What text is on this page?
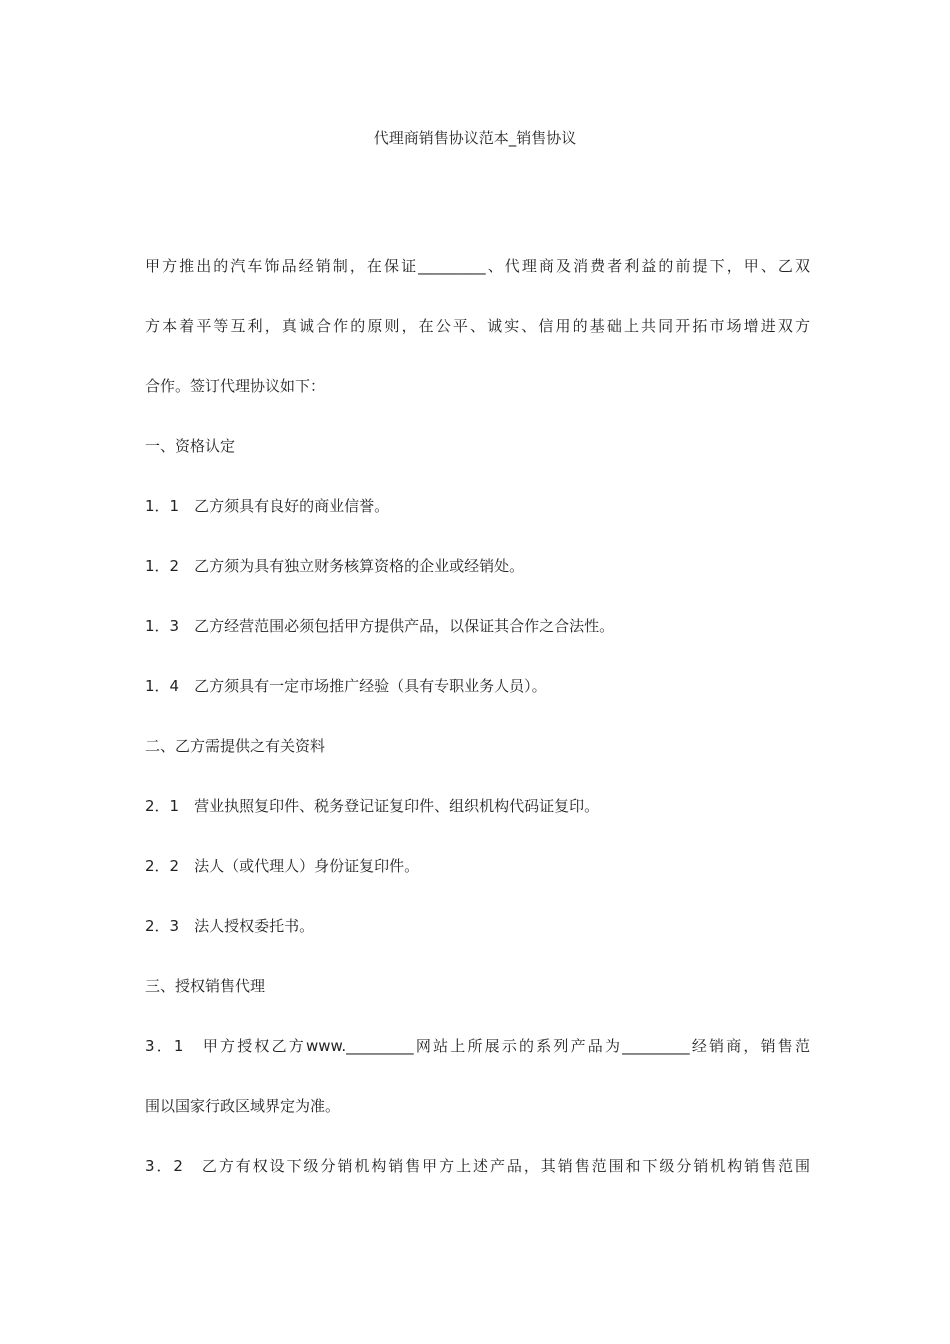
代理商销售协议范本_销售协议
甲方推出的汽车饰品经销制，在保证_________、代理商及消费者利益的前提下，甲、乙双
方本着平等互利，真诚合作的原则，在公平、诚实、信用的基础上共同开拓市场增进双方
合作。签订代理协议如下：
一、资格认定
1．1　乙方须具有良好的商业信誉。
1．2　乙方须为具有独立财务核算资格的企业或经销处。
1．3　乙方经营范围必须包括甲方提供产品，以保证其合作之合法性。
1．4　乙方须具有一定市场推广经验（具有专职业务人员）。
二、乙方需提供之有关资料
2．1　营业执照复印件、税务登记证复印件、组织机构代码证复印。
2．2　法人（或代理人）身份证复印件。
2．3　法人授权委托书。
三、授权销售代理
3．1　甲方授权乙方www._________网站上所展示的系列产品为_________经销商，销售范
围以国家行政区域界定为准。
3．2　乙方有权设下级分销机构销售甲方上述产品，其销售范围和下级分销机构销售范围
